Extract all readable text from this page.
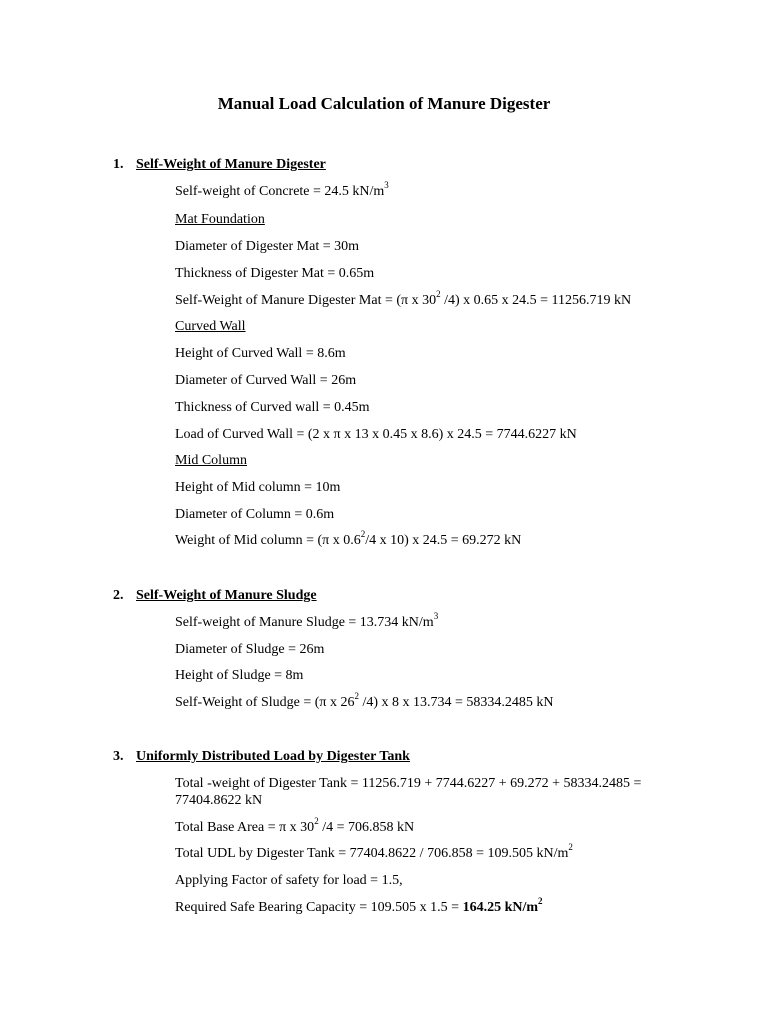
Manual Load Calculation of Manure Digester
1. Self-Weight of Manure Digester
Self-weight of Concrete = 24.5 $kN/m^3$
Mat Foundation
Diameter of Digester Mat = 30m
Thickness of Digester Mat = 0.65m
Self-Weight of Manure Digester Mat = (π x $30^2$ /4) x 0.65 x 24.5 = 11256.719 kN
Curved Wall
Height of Curved Wall = 8.6m
Diameter of Curved Wall = 26m
Thickness of Curved wall = 0.45m
Load of Curved Wall = (2 x π x 13 x 0.45 x 8.6) x 24.5 = 7744.6227 kN
Mid Column
Height of Mid column = 10m
Diameter of Column = 0.6m
Weight of Mid column = (π x $0.6^2/4$ x 10) x 24.5 = 69.272 kN
2. Self-Weight of Manure Sludge
Self-weight of Manure Sludge = 13.734 $kN/m^3$
Diameter of Sludge = 26m
Height of Sludge = 8m
Self-Weight of Sludge = (π x $26^2$ /4) x 8 x 13.734 = 58334.2485 kN
3. Uniformly Distributed Load by Digester Tank
Total -weight of Digester Tank = 11256.719 + 7744.6227 + 69.272 + 58334.2485 = 77404.8622 kN
Total Base Area = π x $30^2$ /4 = 706.858 kN
Total UDL by Digester Tank = 77404.8622 / 706.858 = 109.505 $kN/m^2$
Applying Factor of safety for load = 1.5,
Required Safe Bearing Capacity = 109.505 x 1.5 = 164.25 $kN/m^2$
